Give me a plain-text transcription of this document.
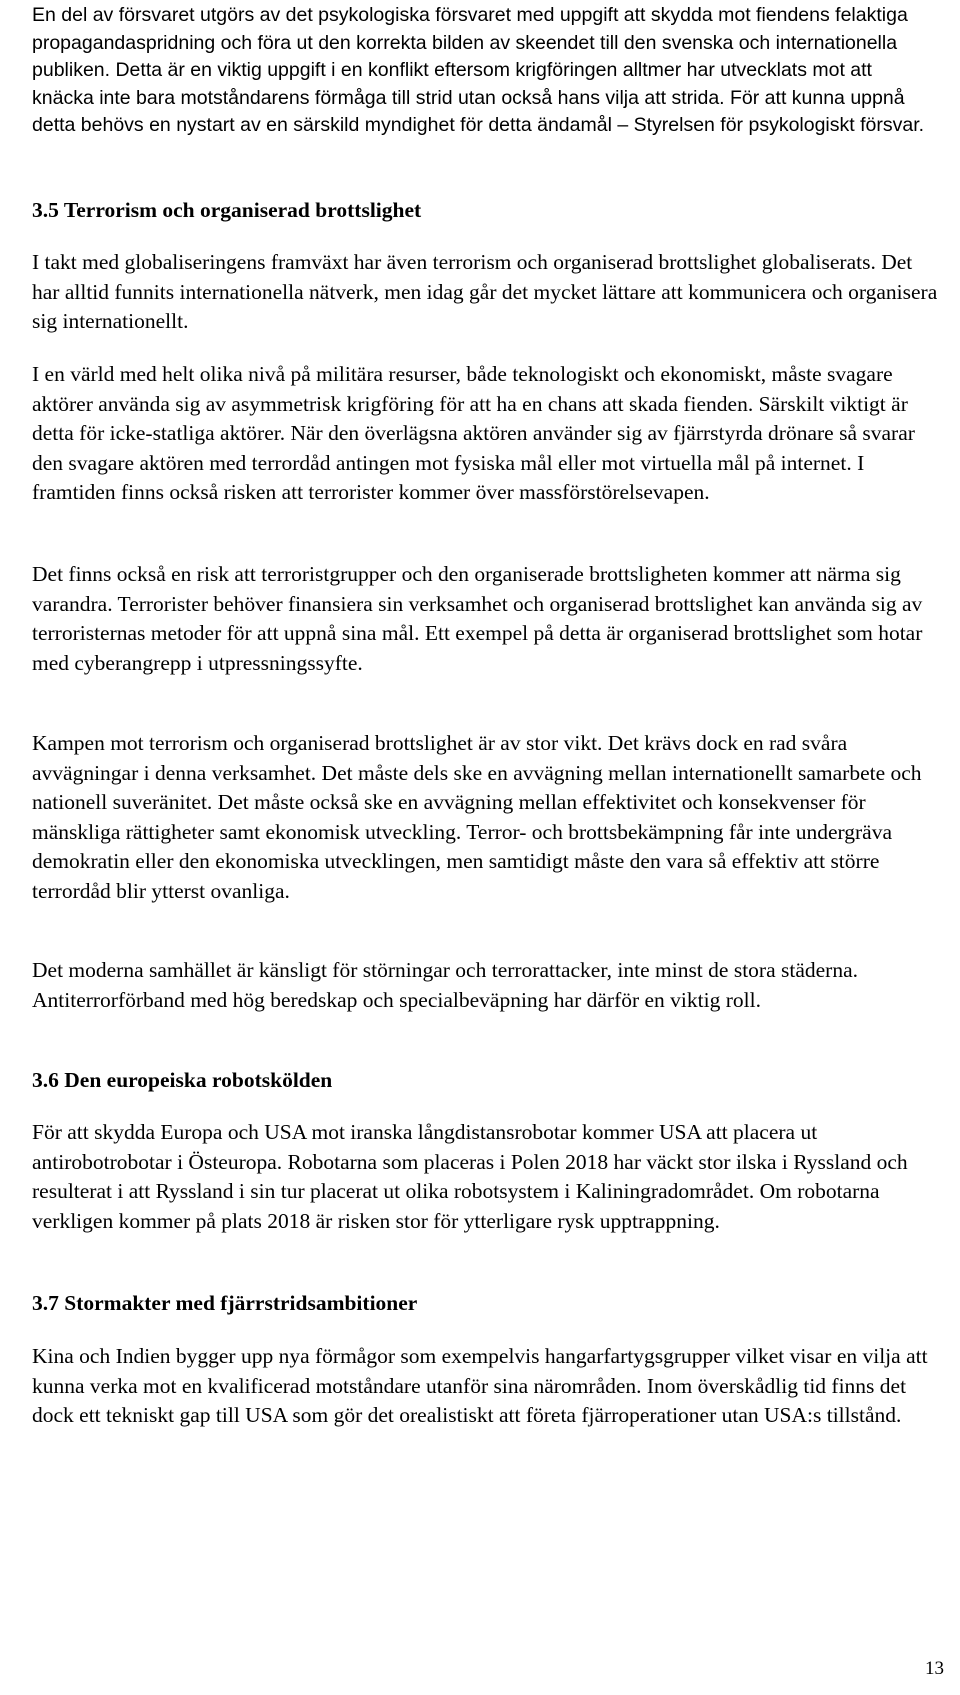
En del av försvaret utgörs av det psykologiska försvaret med uppgift att skydda mot fiendens felaktiga propagandaspridning och föra ut den korrekta bilden av skeendet till den svenska och internationella publiken. Detta är en viktig uppgift i en konflikt eftersom krigföringen alltmer har utvecklats mot att knäcka inte bara motståndarens förmåga till strid utan också hans vilja att strida. För att kunna uppnå detta behövs en nystart av en särskild myndighet för detta ändamål – Styrelsen för psykologiskt försvar.

3.5 Terrorism och organiserad brottslighet

I takt med globaliseringens framväxt har även terrorism och organiserad brottslighet globaliserats. Det har alltid funnits internationella nätverk, men idag går det mycket lättare att kommunicera och organisera sig internationellt.

I en värld med helt olika nivå på militära resurser, både teknologiskt och ekonomiskt, måste svagare aktörer använda sig av asymmetrisk krigföring för att ha en chans att skada fienden. Särskilt viktigt är detta för icke-statliga aktörer. När den överlägsna aktören använder sig av fjärrstyrda drönare så svarar den svagare aktören med terrordåd antingen mot fysiska mål eller mot virtuella mål på internet. I framtiden finns också risken att terrorister kommer över massförstörelsevapen.

Det finns också en risk att terroristgrupper och den organiserade brottsligheten kommer att närma sig varandra. Terrorister behöver finansiera sin verksamhet och organiserad brottslighet kan använda sig av terroristernas metoder för att uppnå sina mål. Ett exempel på detta är organiserad brottslighet som hotar med cyberangrepp i utpressningssyfte.

Kampen mot terrorism och organiserad brottslighet är av stor vikt. Det krävs dock en rad svåra avvägningar i denna verksamhet. Det måste dels ske en avvägning mellan internationellt samarbete och nationell suveränitet. Det måste också ske en avvägning mellan effektivitet och konsekvenser för mänskliga rättigheter samt ekonomisk utveckling. Terror- och brottsbekämpning får inte undergräva demokratin eller den ekonomiska utvecklingen, men samtidigt måste den vara så effektiv att större terrordåd blir ytterst ovanliga.

Det moderna samhället är känsligt för störningar och terrorattacker, inte minst de stora städerna. Antiterrorförband med hög beredskap och specialbeväpning har därför en viktig roll.

3.6 Den europeiska robotskölden

För att skydda Europa och USA mot iranska långdistansrobotar kommer USA att placera ut antirobotrobotar i Östeuropa. Robotarna som placeras i Polen 2018 har väckt stor ilska i Ryssland och resulterat i att Ryssland i sin tur placerat ut olika robotsystem i Kaliningradområdet. Om robotarna verkligen kommer på plats 2018 är risken stor för ytterligare rysk upptrappning.

3.7 Stormakter med fjärrstridsambitioner

Kina och Indien bygger upp nya förmågor som exempelvis hangarfartygsgrupper vilket visar en vilja att kunna verka mot en kvalificerad motståndare utanför sina närområden. Inom överskådlig tid finns det dock ett tekniskt gap till USA som gör det orealistiskt att företa fjärroperationer utan USA:s tillstånd.

13
